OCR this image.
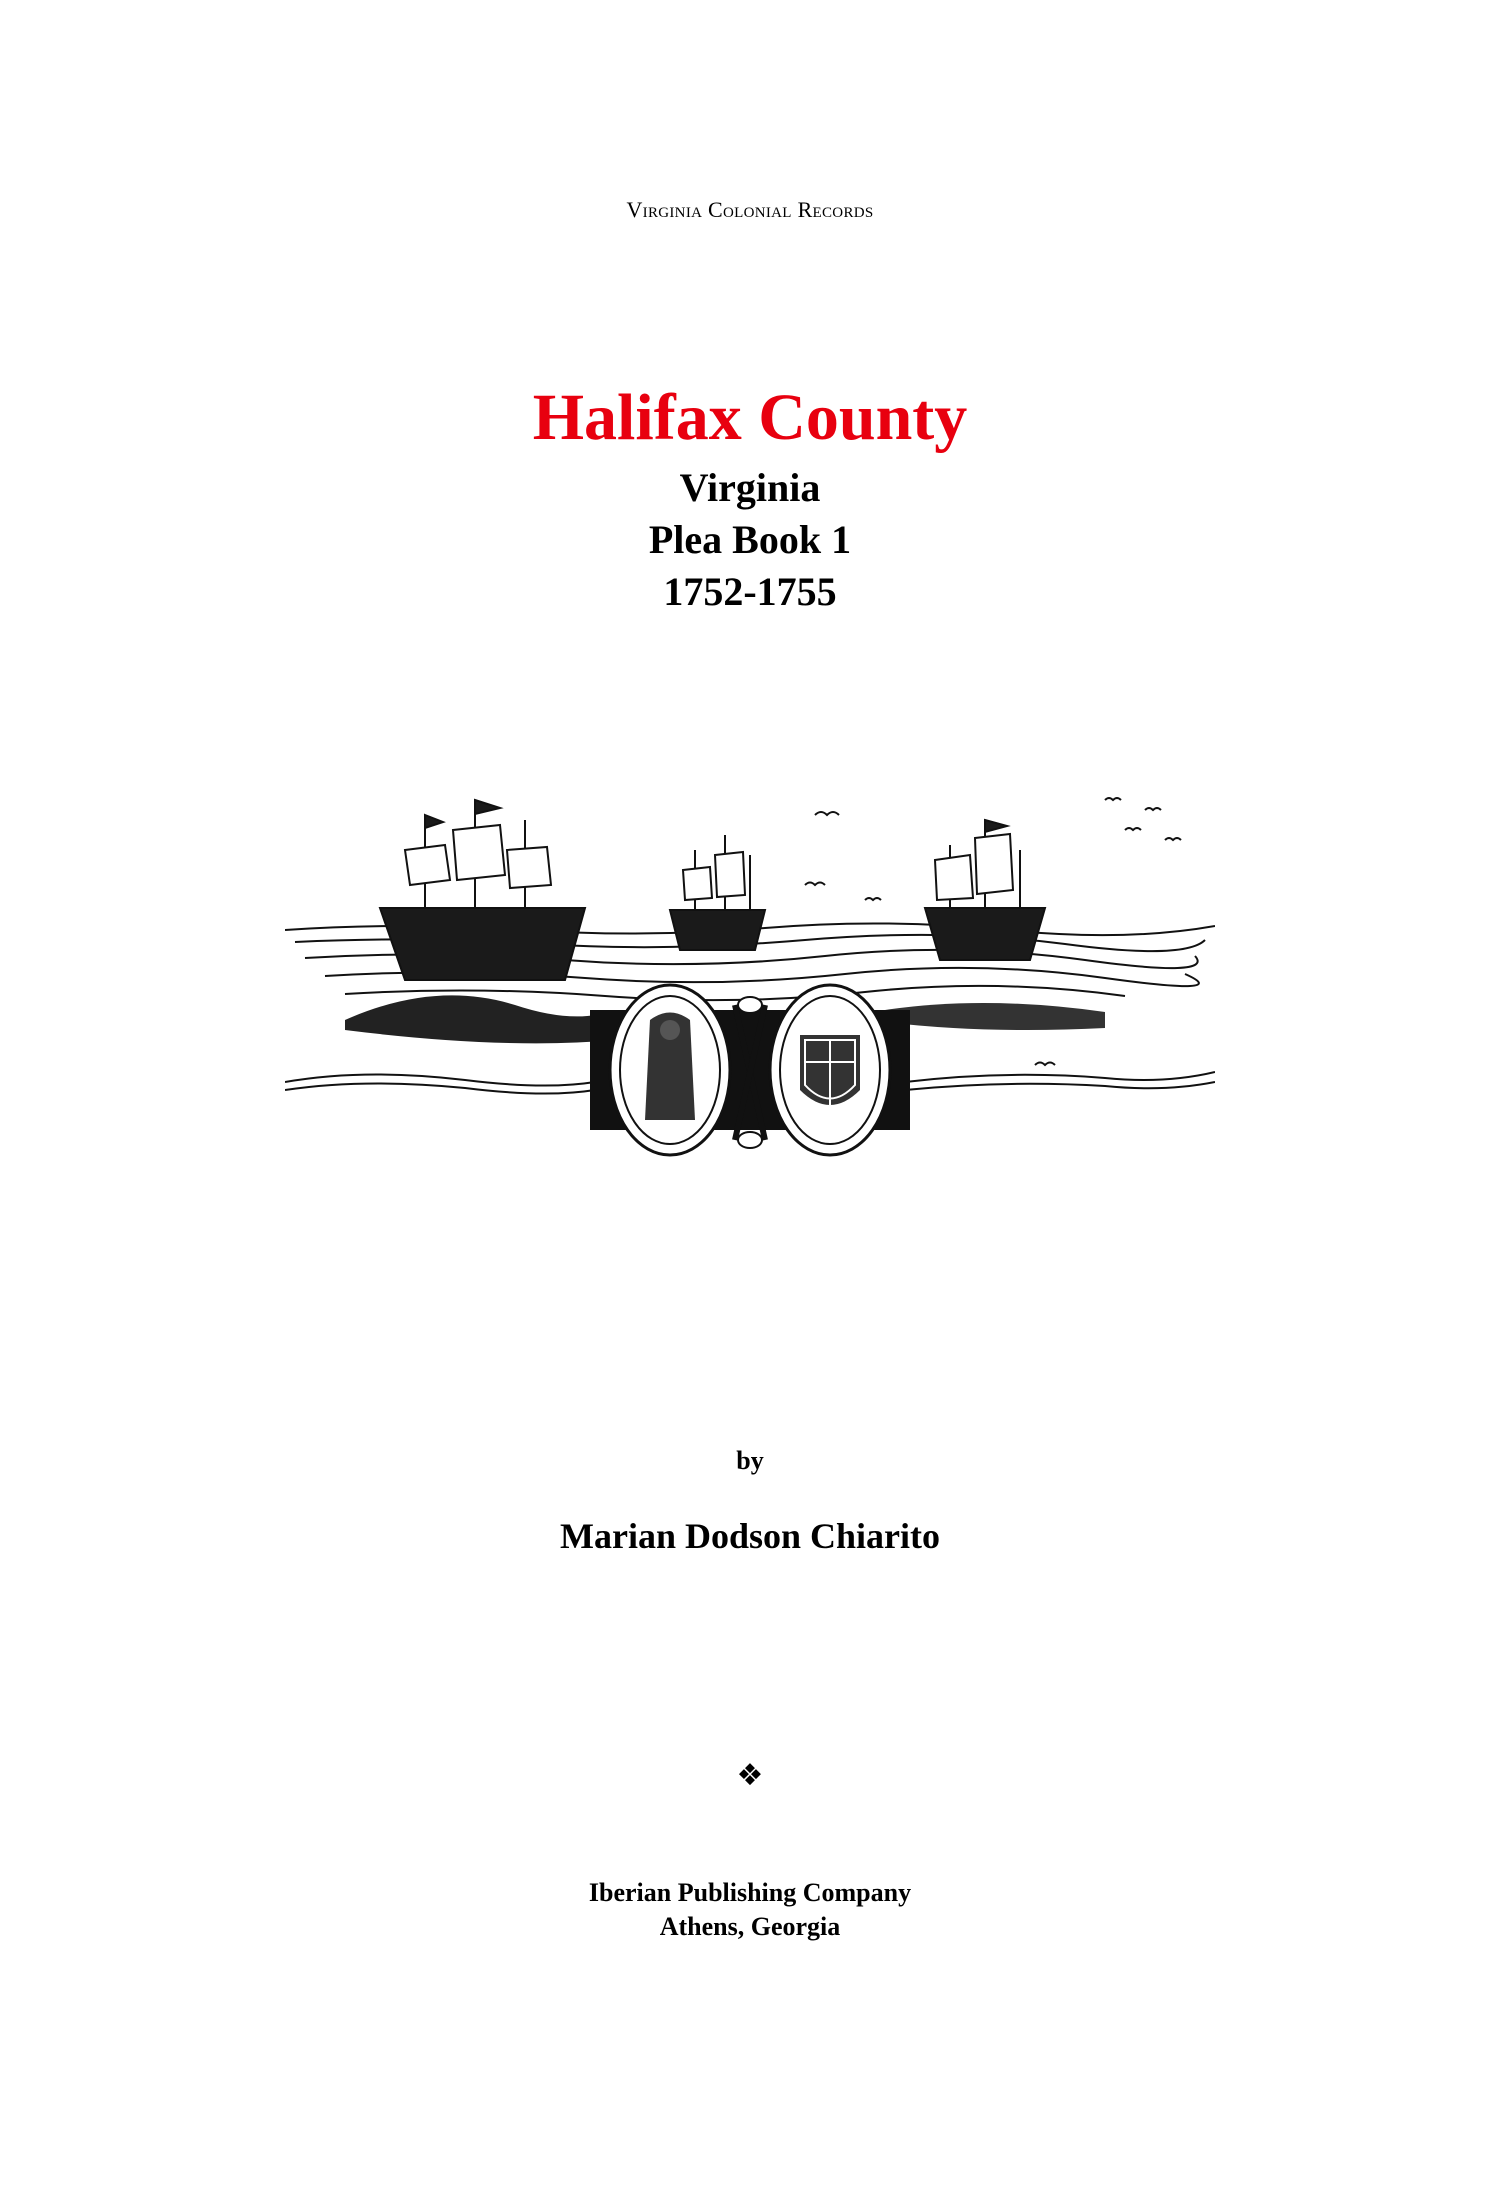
Virginia Colonial Records
Halifax County
Virginia
Plea Book 1
1752-1755
by
Marian Dodson Chiarito
❖
Iberian Publishing Company
Athens, Georgia
